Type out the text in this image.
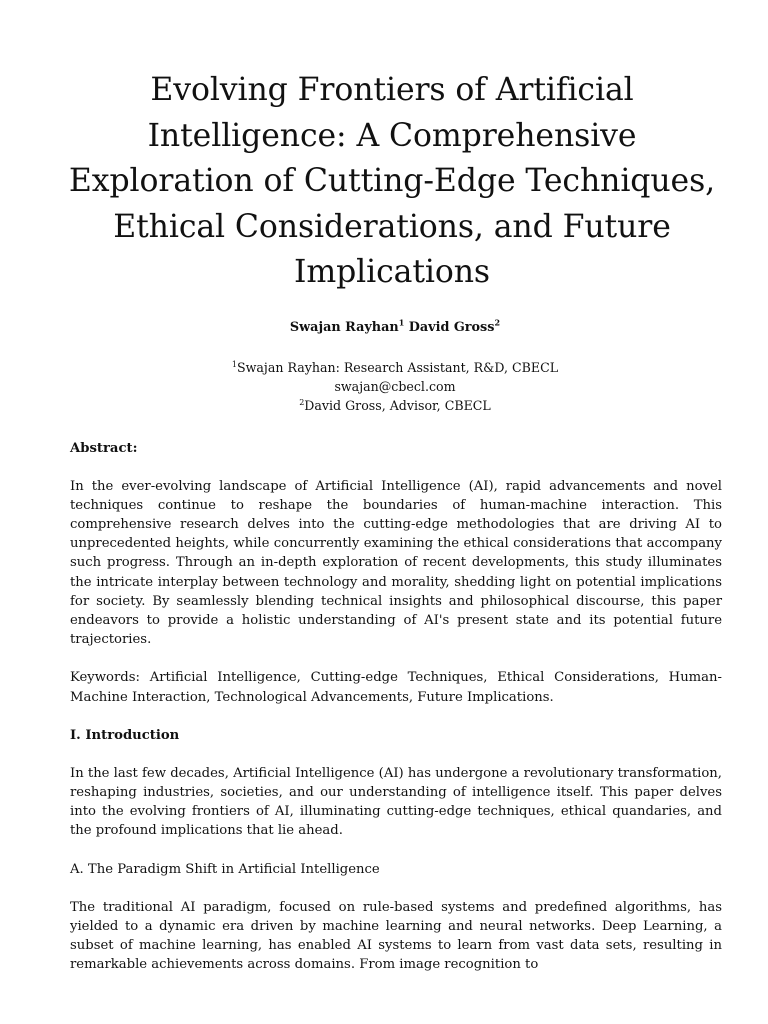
Evolving Frontiers of Artificial Intelligence: A Comprehensive Exploration of Cutting-Edge Techniques, Ethical Considerations, and Future Implications
Swajan Rayhan$^1$ David Gross$^2$
$^1$Swajan Rayhan: Research Assistant, R&D, CBECL
swajan@cbecl.com
$^2$David Gross, Advisor, CBECL

Abstract:

In the ever-evolving landscape of Artificial Intelligence (AI), rapid advancements and novel techniques continue to reshape the boundaries of human-machine interaction. This comprehensive research delves into the cutting-edge methodologies that are driving AI to unprecedented heights, while concurrently examining the ethical considerations that accompany such progress. Through an in-depth exploration of recent developments, this study illuminates the intricate interplay between technology and morality, shedding light on potential implications for society. By seamlessly blending technical insights and philosophical discourse, this paper endeavors to provide a holistic understanding of AI's present state and its potential future trajectories.

Keywords: Artificial Intelligence, Cutting-edge Techniques, Ethical Considerations, Human-Machine Interaction, Technological Advancements, Future Implications.

I. Introduction

In the last few decades, Artificial Intelligence (AI) has undergone a revolutionary transformation, reshaping industries, societies, and our understanding of intelligence itself. This paper delves into the evolving frontiers of AI, illuminating cutting-edge techniques, ethical quandaries, and the profound implications that lie ahead.

A. The Paradigm Shift in Artificial Intelligence

The traditional AI paradigm, focused on rule-based systems and predefined algorithms, has yielded to a dynamic era driven by machine learning and neural networks. Deep Learning, a subset of machine learning, has enabled AI systems to learn from vast data sets, resulting in remarkable achievements across domains. From image recognition to
